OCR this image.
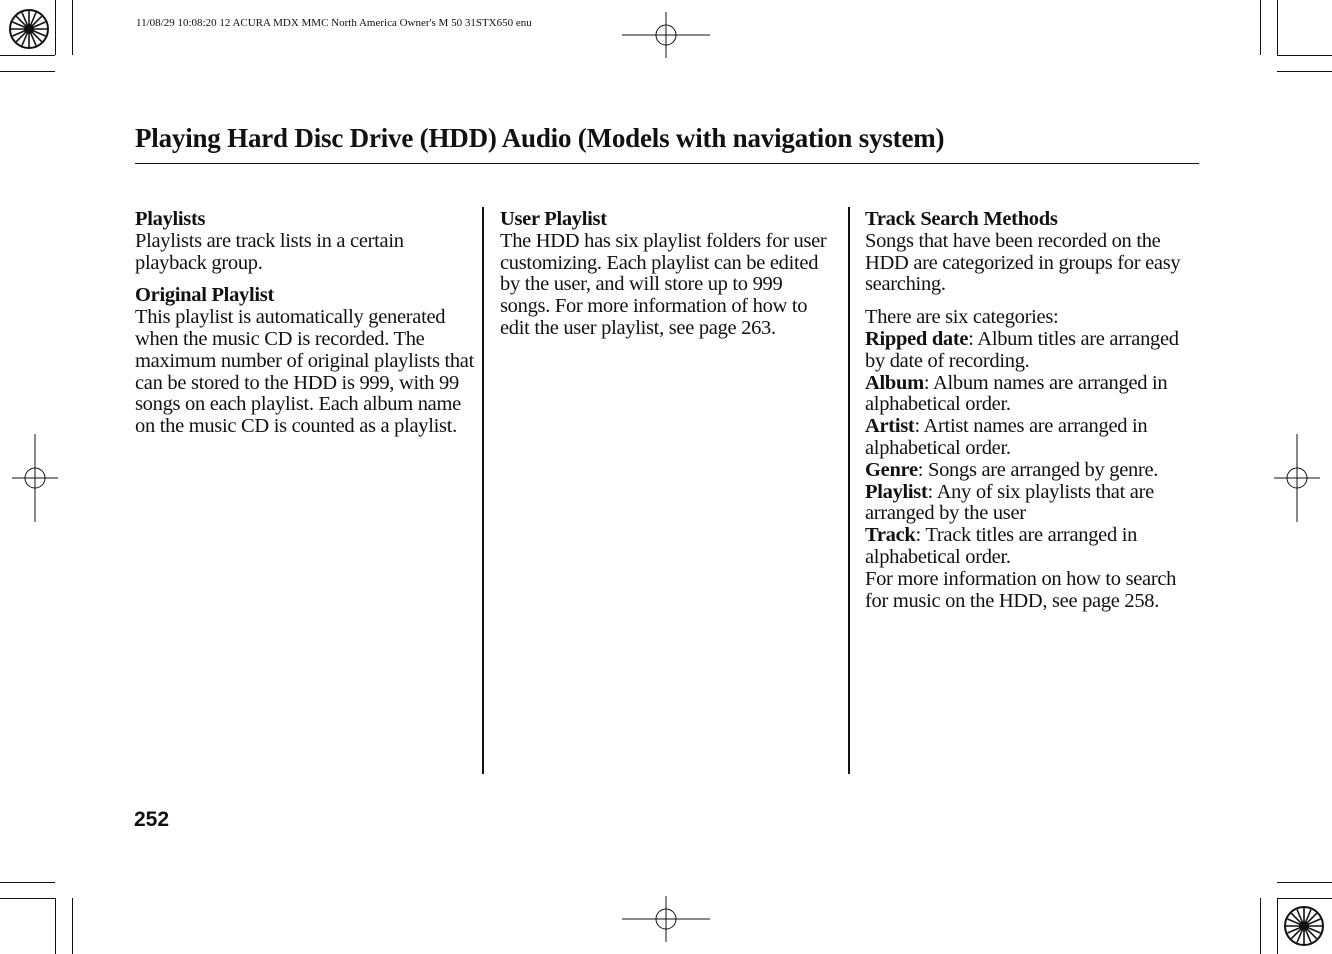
11/08/29 10:08:20 12 ACURA MDX MMC North America Owner's M 50 31STX650 enu
Playing Hard Disc Drive (HDD) Audio (Models with navigation system)

Playlists
Playlists are track lists in a certain playback group.

Original Playlist
This playlist is automatically generated when the music CD is recorded. The maximum number of original playlists that can be stored to the HDD is 999, with 99 songs on each playlist. Each album name on the music CD is counted as a playlist.

User Playlist
The HDD has six playlist folders for user customizing. Each playlist can be edited by the user, and will store up to 999 songs. For more information of how to edit the user playlist, see page 263.

Track Search Methods
Songs that have been recorded on the HDD are categorized in groups for easy searching.

There are six categories:

Ripped date: Album titles are arranged by date of recording.

Album: Album names are arranged in alphabetical order.

Artist: Artist names are arranged in alphabetical order.

Genre: Songs are arranged by genre.

Playlist: Any of six playlists that are arranged by the user

Track: Track titles are arranged in alphabetical order.

For more information on how to search for music on the HDD, see page 258.

252
